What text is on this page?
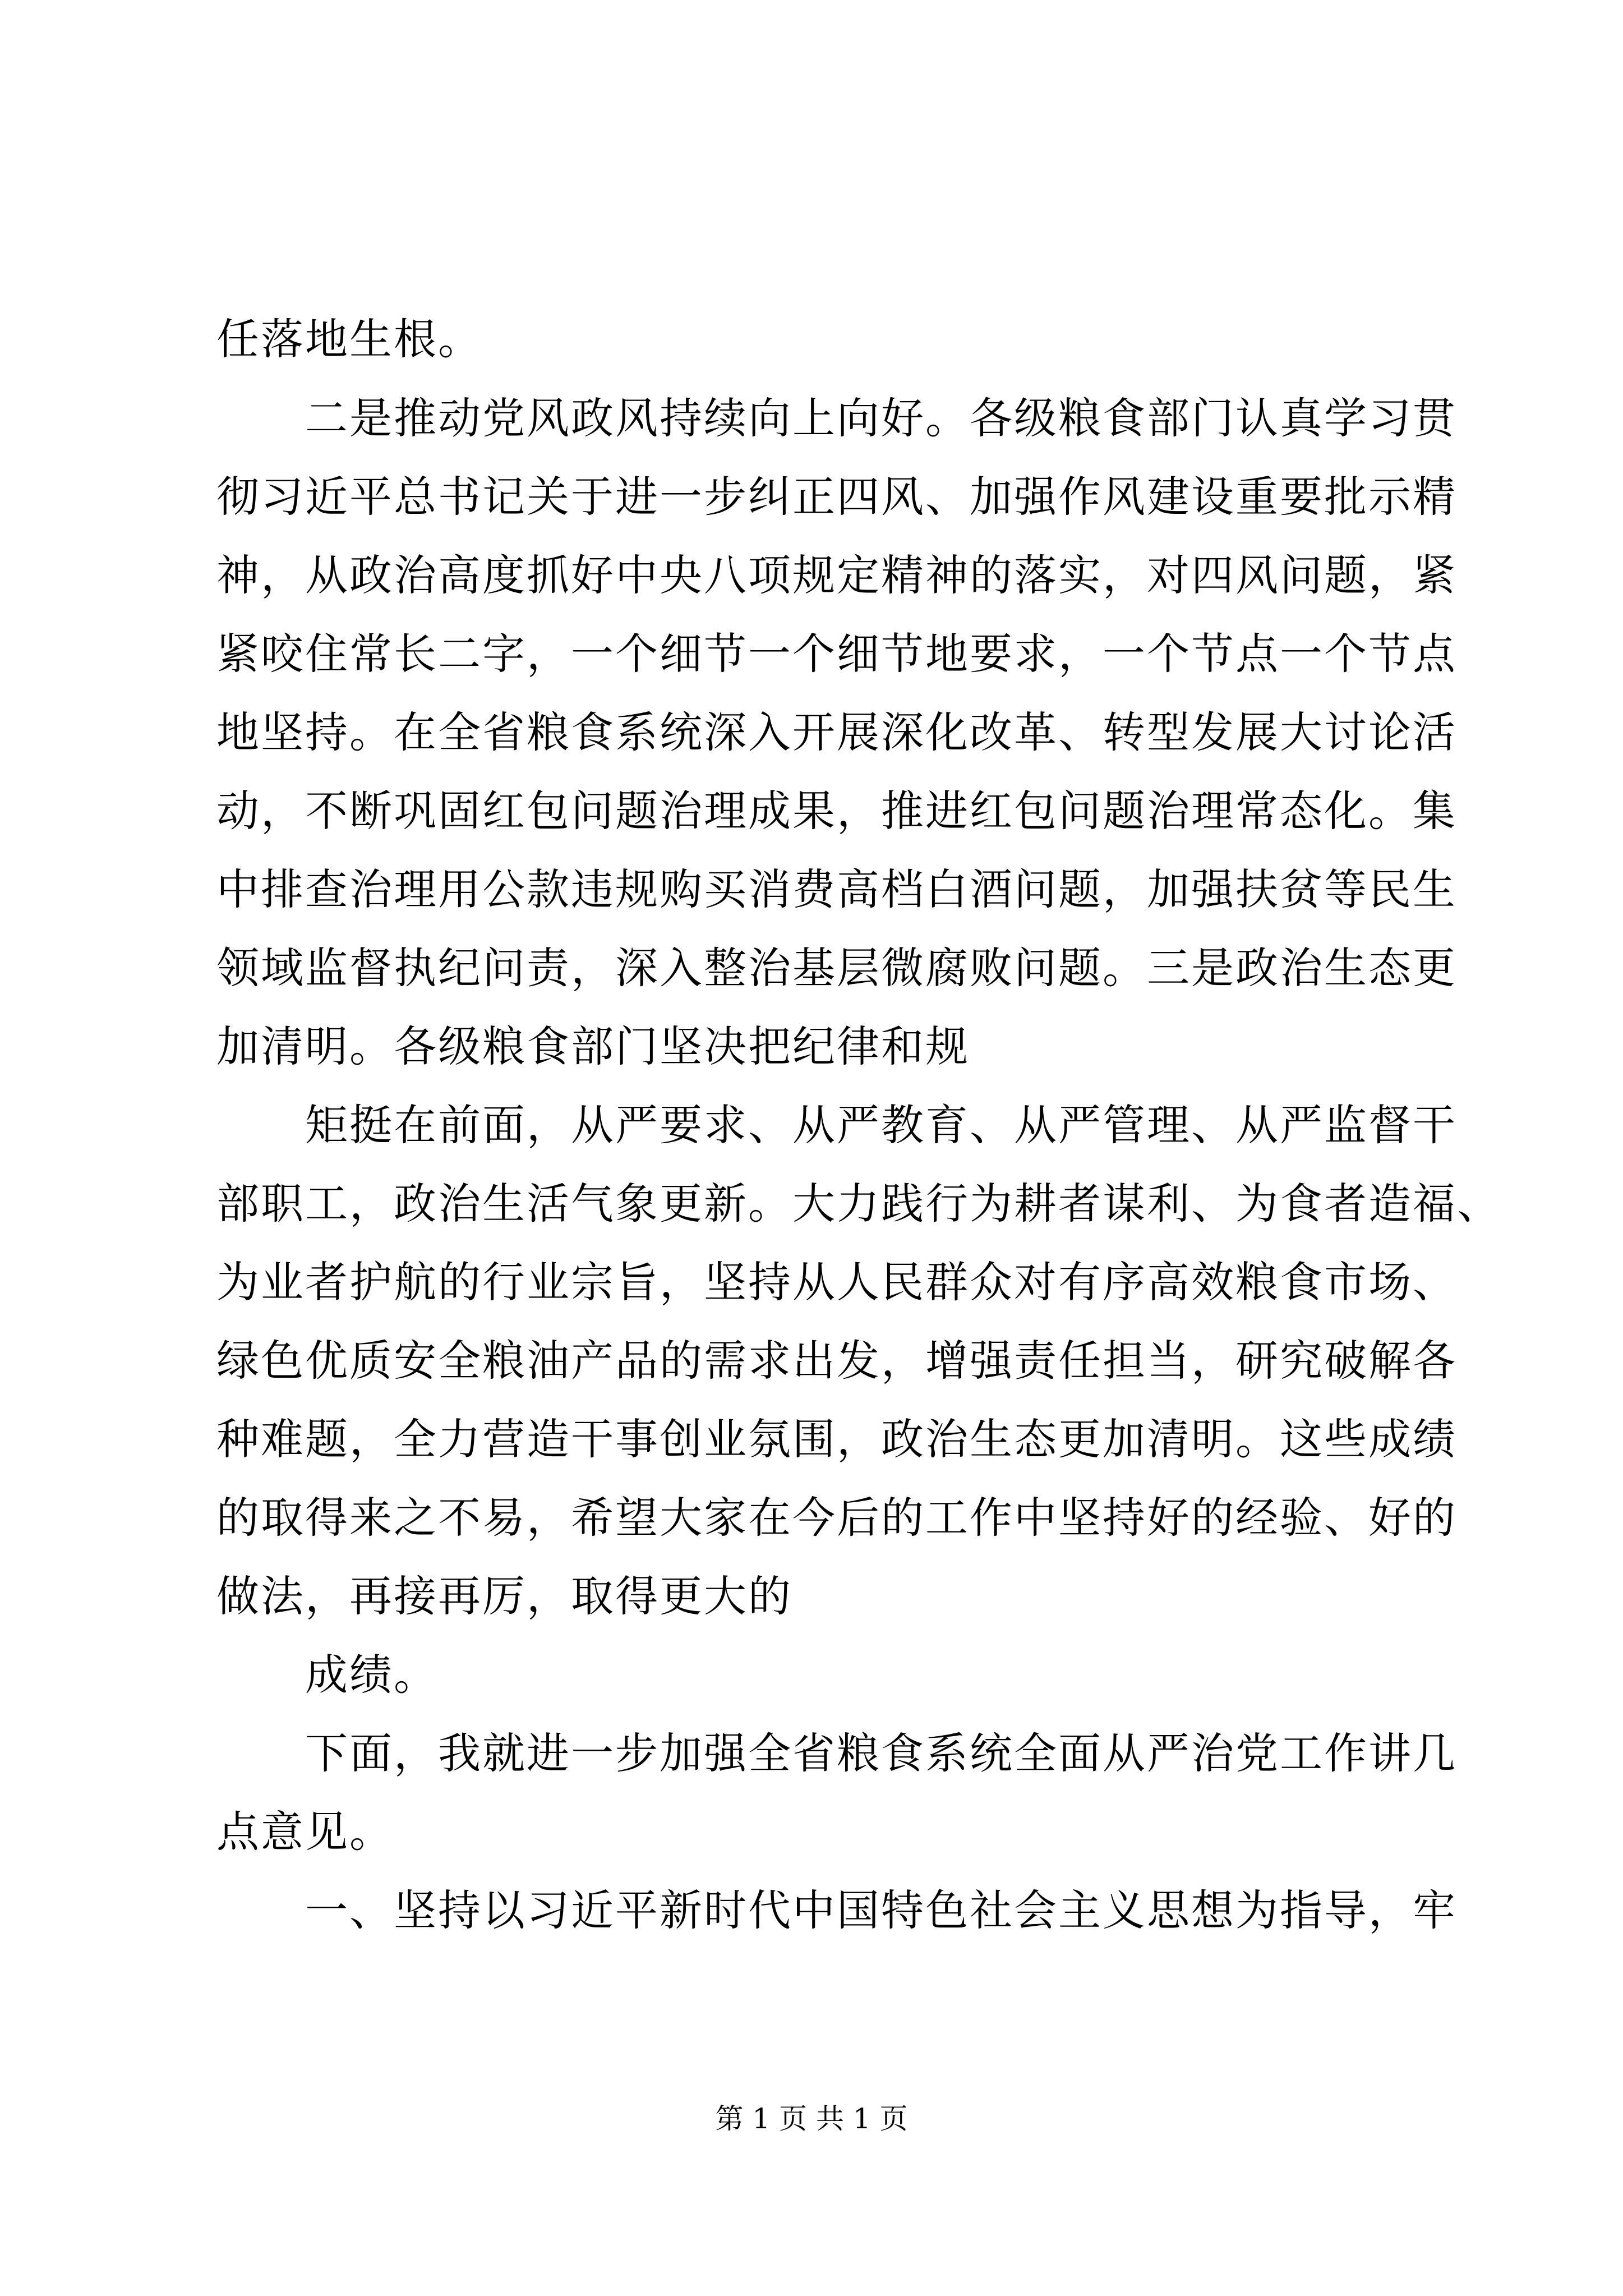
任落地生根。
二是推动党风政风持续向上向好。各级粮食部门认真学习贯
彻习近平总书记关于进一步纠正四风、加强作风建设重要批示精
神，从政治高度抓好中央八项规定精神的落实，对四风问题，紧
紧咬住常长二字，一个细节一个细节地要求，一个节点一个节点
地坚持。在全省粮食系统深入开展深化改革、转型发展大讨论活
动，不断巩固红包问题治理成果，推进红包问题治理常态化。集
中排查治理用公款违规购买消费高档白酒问题，加强扶贫等民生
领域监督执纪问责，深入整治基层微腐败问题。三是政治生态更
加清明。各级粮食部门坚决把纪律和规
矩挺在前面，从严要求、从严教育、从严管理、从严监督干
部职工，政治生活气象更新。大力践行为耕者谋利、为食者造福、
为业者护航的行业宗旨，坚持从人民群众对有序高效粮食市场、
绿色优质安全粮油产品的需求出发，增强责任担当，研究破解各
种难题，全力营造干事创业氛围，政治生态更加清明。这些成绩
的取得来之不易，希望大家在今后的工作中坚持好的经验、好的
做法，再接再厉，取得更大的
成绩。
下面，我就进一步加强全省粮食系统全面从严治党工作讲几
点意见。
一、坚持以习近平新时代中国特色社会主义思想为指导，牢
第 1 页 共 1 页
